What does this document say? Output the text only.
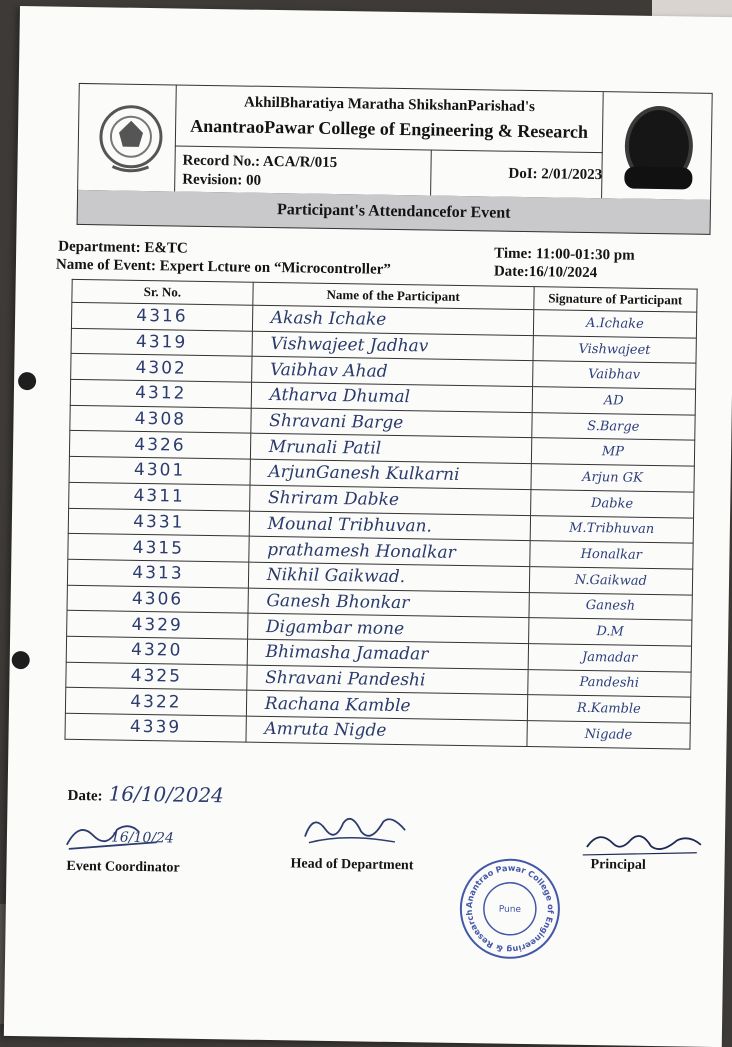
AkhilBharatiya Maratha ShikshanParishad's
AnantraoPawar College of Engineering & Research
Record No.: ACA/R/015
Revision: 00	DoI: 2/01/2023
Participant's Attendancefor Event
Department: E&TC
Name of Event: Expert Lcture on “Microcontroller”
Time: 11:00-01:30 pm
Date:16/10/2024
Sr. No.	Name of the Participant	Signature of Participant
4316	Akash Ichake	A.Ichake
4319	Vishwajeet Jadhav	Vishwajeet
4302	Vaibhav Ahad	Vaibhav
4312	Atharva Dhumal	AD
4308	Shravani Barge	S.Barge
4326	Mrunali Patil	MP
4301	ArjunGanesh Kulkarni	Arjun GK
4311	Shriram Dabke	Dabke
4331	Mounal Tribhuvan.	M.Tribhuvan
4315	prathamesh Honalkar	Honalkar
4313	Nikhil Gaikwad.	N.Gaikwad
4306	Ganesh Bhonkar	Ganesh
4329	Digambar mone	D.M
4320	Bhimasha Jamadar	Jamadar
4325	Shravani Pandeshi	Pandeshi
4322	Rachana Kamble	R.Kamble
4339	Amruta Nigde	Nigade
Date: 16/10/2024
16/10/24
Event Coordinator	Head of Department	Principal
Anantrao Pawar College of Engineering & Research	Pune
